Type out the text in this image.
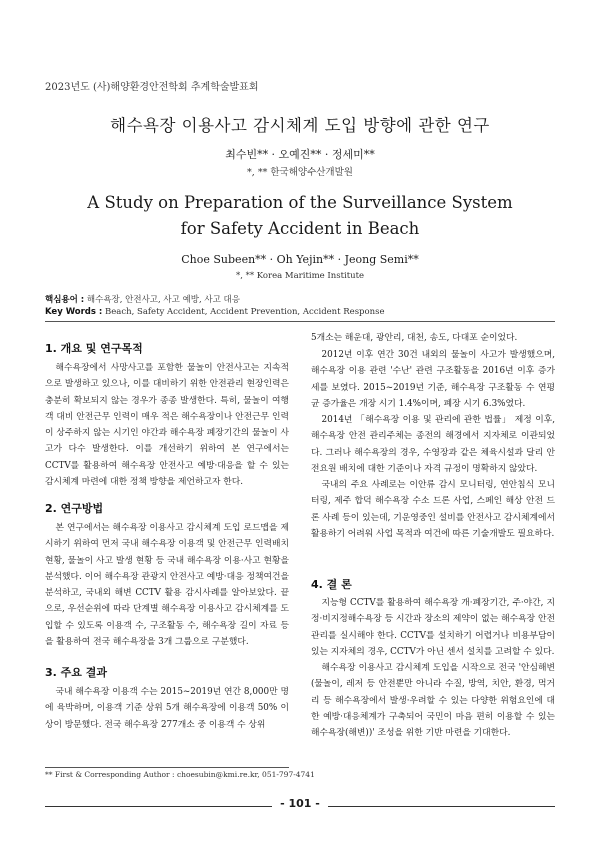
2023년도 (사)해양환경안전학회 추계학술발표회
해수욕장 이용사고 감시체계 도입 방향에 관한 연구
최수빈** · 오예진** · 정세미**
*, ** 한국해양수산개발원
A Study on Preparation of the Surveillance System
for Safety Accident in Beach
Choe Subeen** · Oh Yejin** · Jeong Semi**
*, ** Korea Maritime Institute
핵심용어 : 해수욕장, 안전사고, 사고 예방, 사고 대응
Key Words : Beach, Safety Accident, Accident Prevention, Accident Response
1. 개요 및 연구목적
해수욕장에서 사망사고를 포함한 물놀이 안전사고는 지속적으로 발생하고 있으나, 이를 대비하기 위한 안전관리 현장인력은 충분히 확보되지 않는 경우가 종종 발생한다. 특히, 물놀이 여행객 대비 안전근무 인력이 매우 적은 해수욕장이나 안전근무 인력이 상주하지 않는 시기인 야간과 해수욕장 폐장기간의 물놀이 사고가 다수 발생한다. 이를 개선하기 위하여 본 연구에서는 CCTV를 활용하여 해수욕장 안전사고 예방·대응을 할 수 있는 감시체계 마련에 대한 정책 방향을 제언하고자 한다.
2. 연구방법
본 연구에서는 해수욕장 이용사고 감시체계 도입 로드맵을 제시하기 위하여 먼저 국내 해수욕장 이용객 및 안전근무 인력배치 현황, 물놀이 사고 발생 현황 등 국내 해수욕장 이용·사고 현황을 분석했다. 이어 해수욕장 관광지 안전사고 예방·대응 정책여건을 분석하고, 국내외 해변 CCTV 활용 감시사례를 알아보았다. 끝으로, 우선순위에 따라 단계별 해수욕장 이용사고 감시체계를 도입할 수 있도록 이용객 수, 구조활동 수, 해수욕장 길이 자료 등을 활용하여 전국 해수욕장을 3개 그룹으로 구분했다.
3. 주요 결과
국내 해수욕장 이용객 수는 2015~2019년 연간 8,000만 명에 육박하며, 이용객 기준 상위 5개 해수욕장에 이용객 50% 이상이 방문했다. 전국 해수욕장 277개소 중 이용객 수 상위
** First & Corresponding Author : choesubin@kmi.re.kr, 051-797-4741
5개소는 해운대, 광안리, 대천, 송도, 다대포 순이었다.
2012년 이후 연간 30건 내외의 물놀이 사고가 발생했으며, 해수욕장 이용 관련 '수난' 관련 구조활동을 2016년 이후 증가세를 보였다. 2015~2019년 기준, 해수욕장 구조활동 수 연평균 증가율은 개장 시기 1.4%이며, 폐장 시기 6.3%였다.
2014년 「해수욕장 이용 및 관리에 관한 법률」 제정 이후, 해수욕장 안전 관리주체는 종전의 해경에서 지자체로 이관되었다. 그러나 해수욕장의 경우, 수영장과 같은 체육시설과 달리 안전요원 배치에 대한 기준이나 자격 규정이 명확하지 않았다.
국내의 주요 사례로는 이안류 감시 모니터링, 연안침식 모니터링, 제주 합덕 해수욕장 수소 드론 사업, 스페인 해상 안전 드론 사례 등이 있는데, 기운영중인 설비를 안전사고 감시체계에서 활용하기 어려워 사업 목적과 여건에 따른 기술개발도 필요하다.
4. 결 론
지능형 CCTV를 활용하여 해수욕장 개·폐장기간, 주·야간, 지정·비지정해수욕장 등 시간과 장소의 제약이 없는 해수욕장 안전관리를 실시해야 한다. CCTV를 설치하기 어렵거나 비용부담이 있는 지자체의 경우, CCTV가 아닌 센서 설치를 고려할 수 있다.
해수욕장 이용사고 감시체계 도입을 시작으로 전국 '안심해변(물놀이, 레저 등 안전뿐만 아니라 수질, 방역, 치안, 환경, 먹거리 등 해수욕장에서 발생·우려할 수 있는 다양한 위험요인에 대한 예방·대응체계가 구축되어 국민이 마음 편히 이용할 수 있는 해수욕장(해변))' 조성을 위한 기반 마련을 기대한다.
- 101 -
